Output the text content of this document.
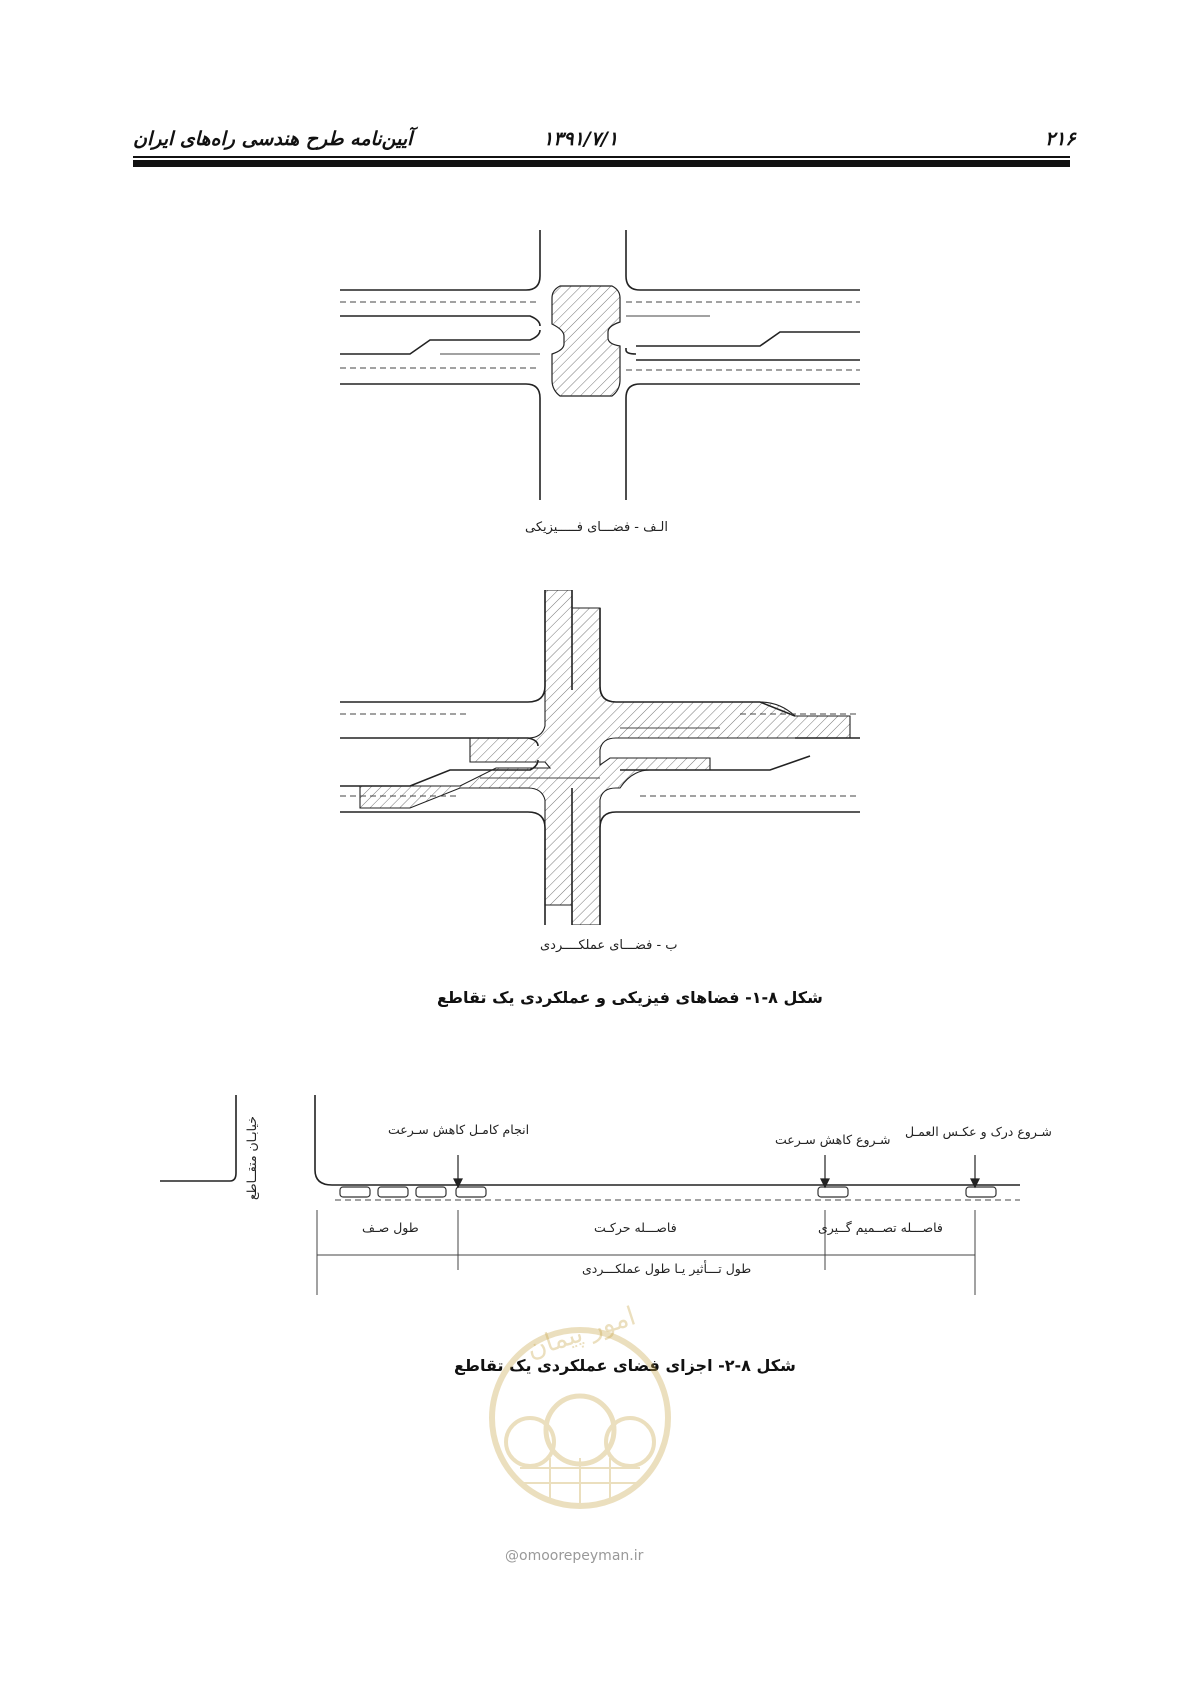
۲۱۶
۱۳۹۱/۷/۱
آیین‌نامه طرح هندسی راه‌های ایران
الـف - فضـــای فـــــیزیکی
ب - فضـــای عملکــــردی
شکل ۸-۱- فضاهای فیزیکی و عملکردی یک تقاطع
خیابـان متقــاطع	انجام کامـل کاهش سـرعت
شـروع کاهش سـرعت
شـروع درک و عکـس العمـل
طول صـف	فاصـــله حرکـت	فاصـــله تصــمیم گــیری
طول تـــأثیر یـا طول عملکـــردی
شکل ۸-۲- اجزای فضای عملکردی یک تقاطع
امور پیمان
@omoorepeyman.ir
